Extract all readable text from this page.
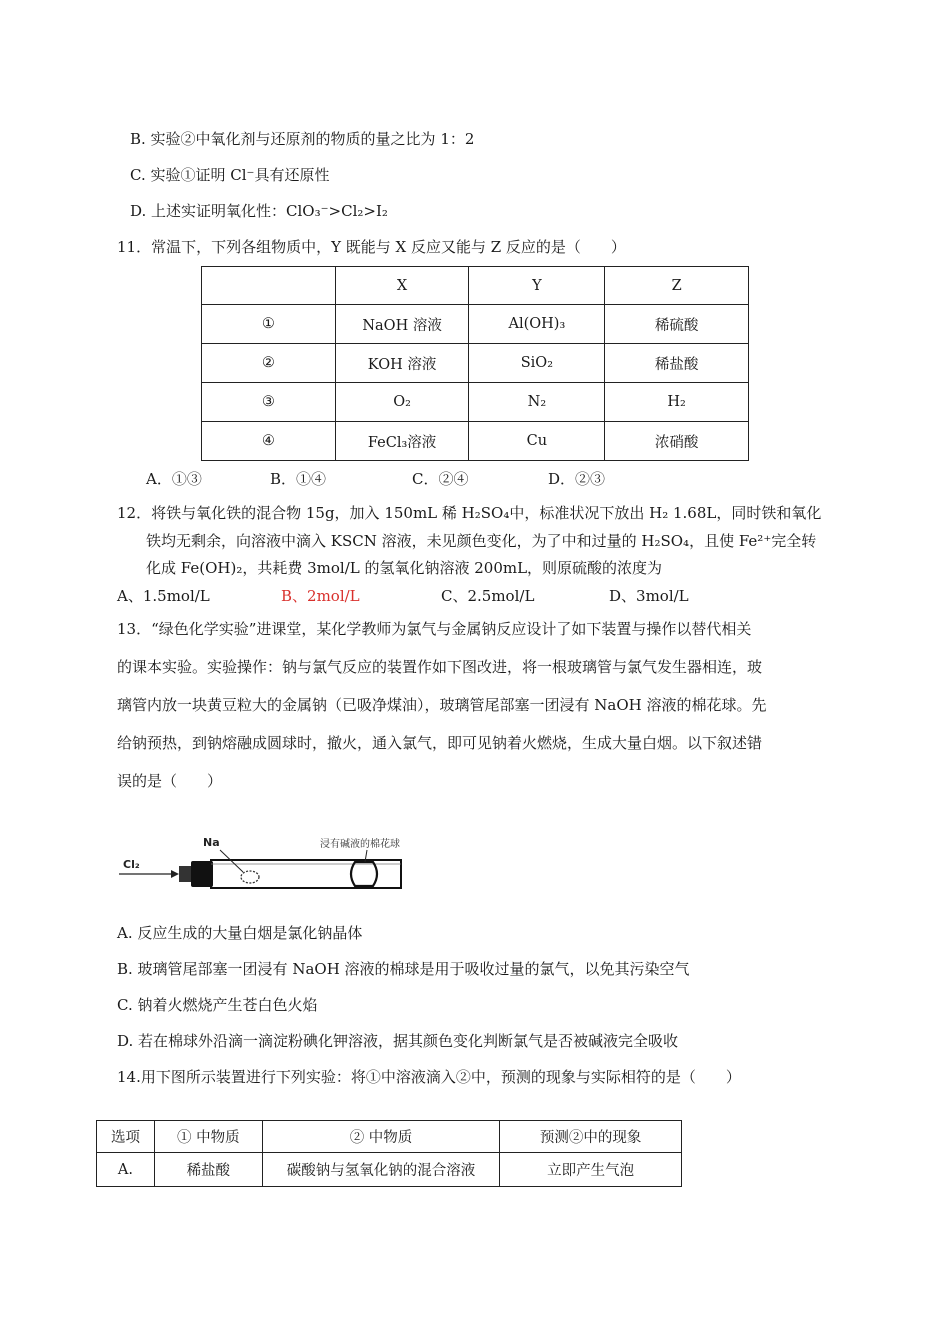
B. 实验②中氧化剂与还原剂的物质的量之比为 1：2
C. 实验①证明 Cl⁻具有还原性
D. 上述实证明氧化性：ClO₃⁻>Cl₂>I₂
11．常温下，下列各组物质中，Y 既能与 X 反应又能与 Z 反应的是（　　）
	X	Y	Z
①	NaOH 溶液	Al(OH)₃	稀硫酸
②	KOH 溶液	SiO₂	稀盐酸
③	O₂	N₂	H₂
④	FeCl₃溶液	Cu	浓硝酸
A．①③	B．①④	C．②④	D．②③
12．将铁与氧化铁的混合物 15g，加入 150mL 稀 H₂SO₄中，标准状况下放出 H₂ 1.68L，同时铁和氧化
铁均无剩余，向溶液中滴入 KSCN 溶液，未见颜色变化，为了中和过量的 H₂SO₄，且使 Fe²⁺完全转
化成 Fe(OH)₂，共耗费 3mol/L 的氢氧化钠溶液 200mL，则原硫酸的浓度为
A、1.5mol/L	B、2mol/L	C、2.5mol/L	D、3mol/L
13．“绿色化学实验”进课堂，某化学教师为氯气与金属钠反应设计了如下装置与操作以替代相关
的课本实验。实验操作：钠与氯气反应的装置作如下图改进，将一根玻璃管与氯气发生器相连，玻
璃管内放一块黄豆粒大的金属钠（已吸净煤油），玻璃管尾部塞一团浸有 NaOH 溶液的棉花球。先
给钠预热，到钠熔融成圆球时，撤火，通入氯气，即可见钠着火燃烧，生成大量白烟。以下叙述错
误的是（　　）
Cl₂
Na	浸有碱液的棉花球
A. 反应生成的大量白烟是氯化钠晶体
B. 玻璃管尾部塞一团浸有 NaOH 溶液的棉球是用于吸收过量的氯气，以免其污染空气
C. 钠着火燃烧产生苍白色火焰
D. 若在棉球外沿滴一滴淀粉碘化钾溶液，据其颜色变化判断氯气是否被碱液完全吸收
14.用下图所示装置进行下列实验：将①中溶液滴入②中，预测的现象与实际相符的是（　　）
选项	① 中物质	② 中物质	预测②中的现象
A.	稀盐酸	碳酸钠与氢氧化钠的混合溶液	立即产生气泡
